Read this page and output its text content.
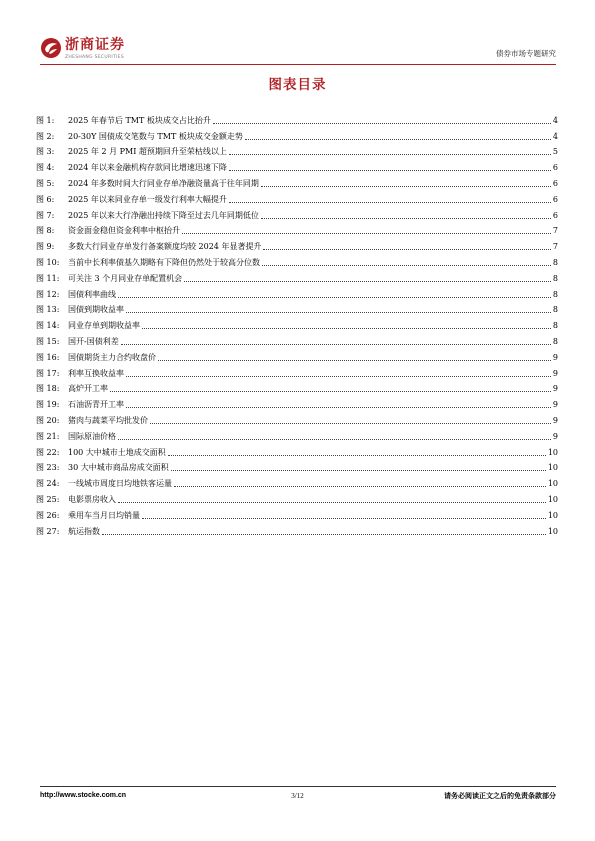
浙商证券
ZHESHANG SECURITIES	债券市场专题研究
图表目录
图 1:	2025 年春节后 TMT 板块成交占比抬升	4
图 2:	20-30Y 国债成交笔数与 TMT 板块成交金额走势	4
图 3:	2025 年 2 月 PMI 超预期回升至荣枯线以上	5
图 4:	2024 年以来金融机构存款同比增速迅速下降	6
图 5:	2024 年多数时间大行同业存单净融资量高于往年同期	6
图 6:	2025 年以来同业存单一级发行利率大幅提升	6
图 7:	2025 年以来大行净融出持续下降至过去几年同期低位	6
图 8:	资金面金稳但资金利率中枢抬升	7
图 9:	多数大行同业存单发行备案额度均较 2024 年显著提升	7
图 10:	当前中长利率债基久期略有下降但仍然处于较高分位数	8
图 11:	可关注 3 个月同业存单配置机会	8
图 12:	国债利率曲线	8
图 13:	国债到期收益率	8
图 14:	同业存单到期收益率	8
图 15:	国开-国债利差	8
图 16:	国债期货主力合约收盘价	9
图 17:	利率互换收益率	9
图 18:	高炉开工率	9
图 19:	石油沥青开工率	9
图 20:	猪肉与蔬菜平均批发价	9
图 21:	国际原油价格	9
图 22:	100 大中城市土地成交面积	10
图 23:	30 大中城市商品房成交面积	10
图 24:	一线城市周度日均地铁客运量	10
图 25:	电影票房收入	10
图 26:	乘用车当月日均销量	10
图 27:	航运指数	10
http://www.stocke.com.cn	3/12	请务必阅读正文之后的免责条款部分
